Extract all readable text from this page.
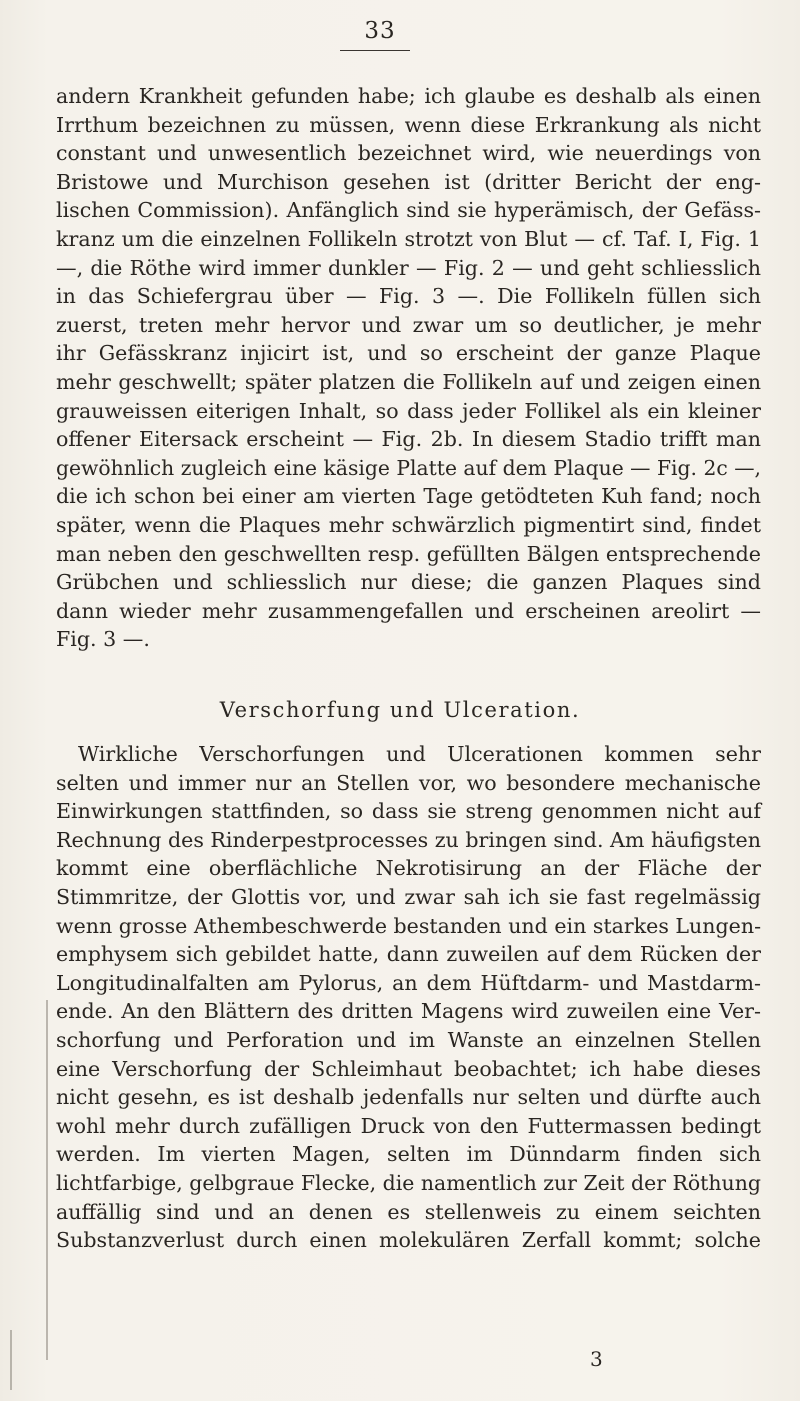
33
andern Krankheit gefunden habe; ich glaube es deshalb als einen
Irrthum bezeichnen zu müssen, wenn diese Erkrankung als nicht
constant und unwesentlich bezeichnet wird, wie neuerdings von
Bristowe und Murchison gesehen ist (dritter Bericht der eng-
lischen Commission). Anfänglich sind sie hyperämisch, der Gefäss-
kranz um die einzelnen Follikeln strotzt von Blut — cf. Taf. I, Fig. 1
—, die Röthe wird immer dunkler — Fig. 2 — und geht schliesslich
in das Schiefergrau über — Fig. 3 —. Die Follikeln füllen sich
zuerst, treten mehr hervor und zwar um so deutlicher, je mehr
ihr Gefässkranz injicirt ist, und so erscheint der ganze Plaque
mehr geschwellt; später platzen die Follikeln auf und zeigen einen
grauweissen eiterigen Inhalt, so dass jeder Follikel als ein kleiner
offener Eitersack erscheint — Fig. 2b. In diesem Stadio trifft man
gewöhnlich zugleich eine käsige Platte auf dem Plaque — Fig. 2c —,
die ich schon bei einer am vierten Tage getödteten Kuh fand; noch
später, wenn die Plaques mehr schwärzlich pigmentirt sind, findet
man neben den geschwellten resp. gefüllten Bälgen entsprechende
Grübchen und schliesslich nur diese; die ganzen Plaques sind
dann wieder mehr zusammengefallen und erscheinen areolirt —
Fig. 3 —.
Verschorfung und Ulceration.
Wirkliche Verschorfungen und Ulcerationen kommen sehr
selten und immer nur an Stellen vor, wo besondere mechanische
Einwirkungen stattfinden, so dass sie streng genommen nicht auf
Rechnung des Rinderpestprocesses zu bringen sind. Am häufigsten
kommt eine oberflächliche Nekrotisirung an der Fläche der
Stimmritze, der Glottis vor, und zwar sah ich sie fast regelmässig
wenn grosse Athembeschwerde bestanden und ein starkes Lungen-
emphysem sich gebildet hatte, dann zuweilen auf dem Rücken der
Longitudinalfalten am Pylorus, an dem Hüftdarm- und Mastdarm-
ende. An den Blättern des dritten Magens wird zuweilen eine Ver-
schorfung und Perforation und im Wanste an einzelnen Stellen
eine Verschorfung der Schleimhaut beobachtet; ich habe dieses
nicht gesehn, es ist deshalb jedenfalls nur selten und dürfte auch
wohl mehr durch zufälligen Druck von den Futtermassen bedingt
werden. Im vierten Magen, selten im Dünndarm finden sich
lichtfarbige, gelbgraue Flecke, die namentlich zur Zeit der Röthung
auffällig sind und an denen es stellenweis zu einem seichten
Substanzverlust durch einen molekulären Zerfall kommt; solche
3
